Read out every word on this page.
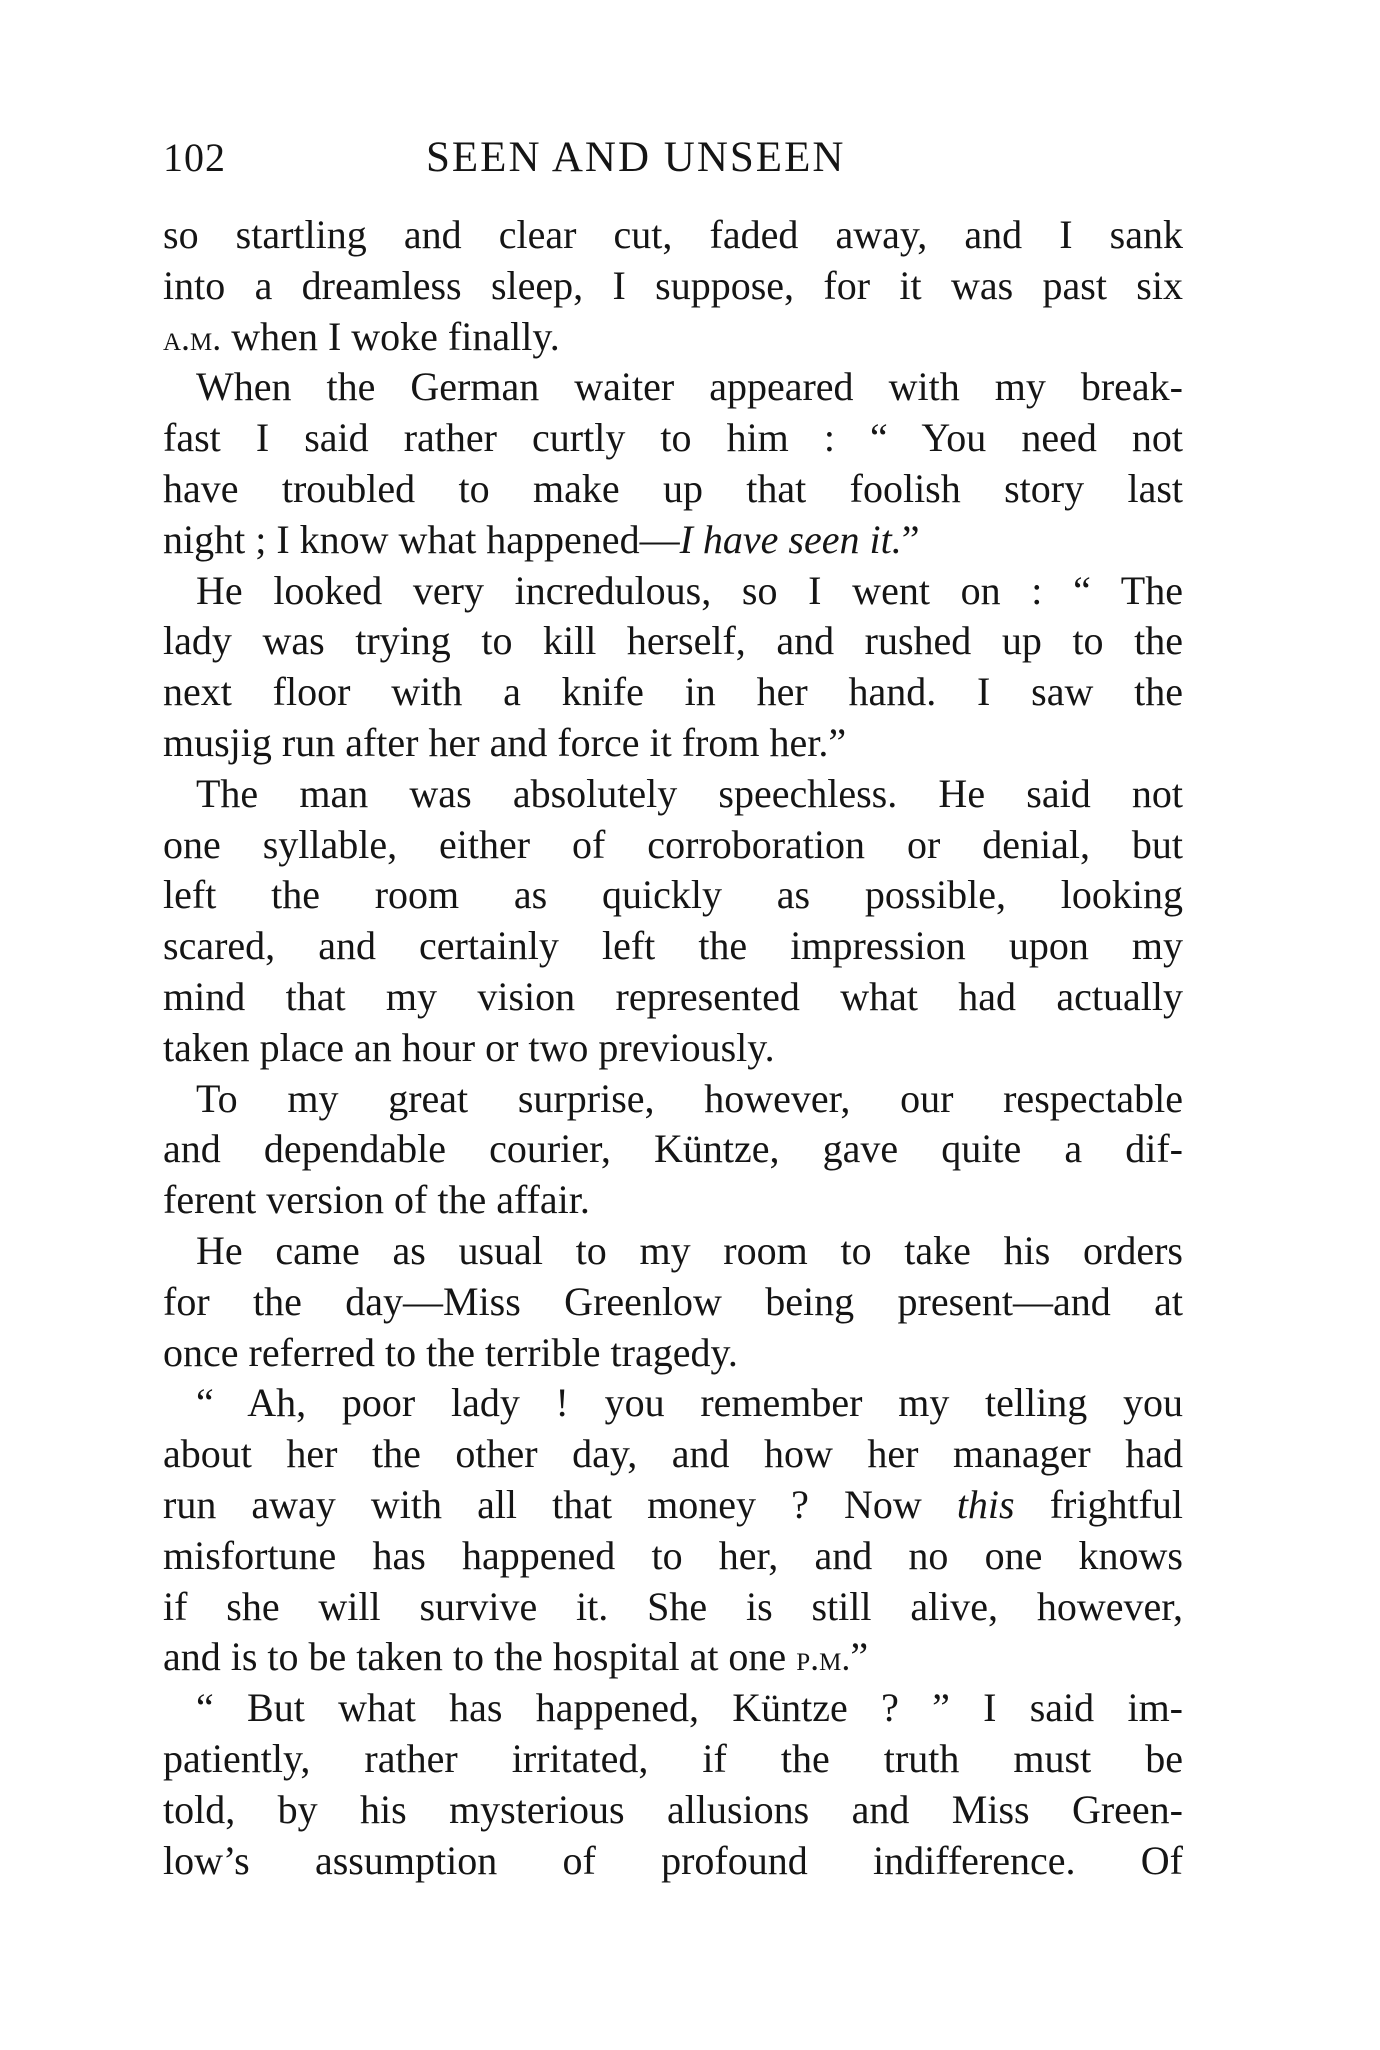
102	SEEN AND UNSEEN
so startling and clear cut, faded away, and I sank
into a dreamless sleep, I suppose, for it was past six
a.m. when I woke finally.
When the German waiter appeared with my break-
fast I said rather curtly to him : “ You need not
have troubled to make up that foolish story last
night ; I know what happened—I have seen it.”
He looked very incredulous, so I went on : “ The
lady was trying to kill herself, and rushed up to the
next floor with a knife in her hand. I saw the
musjig run after her and force it from her.”
The man was absolutely speechless. He said not
one syllable, either of corroboration or denial, but
left the room as quickly as possible, looking
scared, and certainly left the impression upon my
mind that my vision represented what had actually
taken place an hour or two previously.
To my great surprise, however, our respectable
and dependable courier, Küntze, gave quite a dif-
ferent version of the affair.
He came as usual to my room to take his orders
for the day—Miss Greenlow being present—and at
once referred to the terrible tragedy.
“ Ah, poor lady ! you remember my telling you
about her the other day, and how her manager had
run away with all that money ? Now this frightful
misfortune has happened to her, and no one knows
if she will survive it. She is still alive, however,
and is to be taken to the hospital at one p.m.”
“ But what has happened, Küntze ? ” I said im-
patiently, rather irritated, if the truth must be
told, by his mysterious allusions and Miss Green-
low’s assumption of profound indifference. Of
